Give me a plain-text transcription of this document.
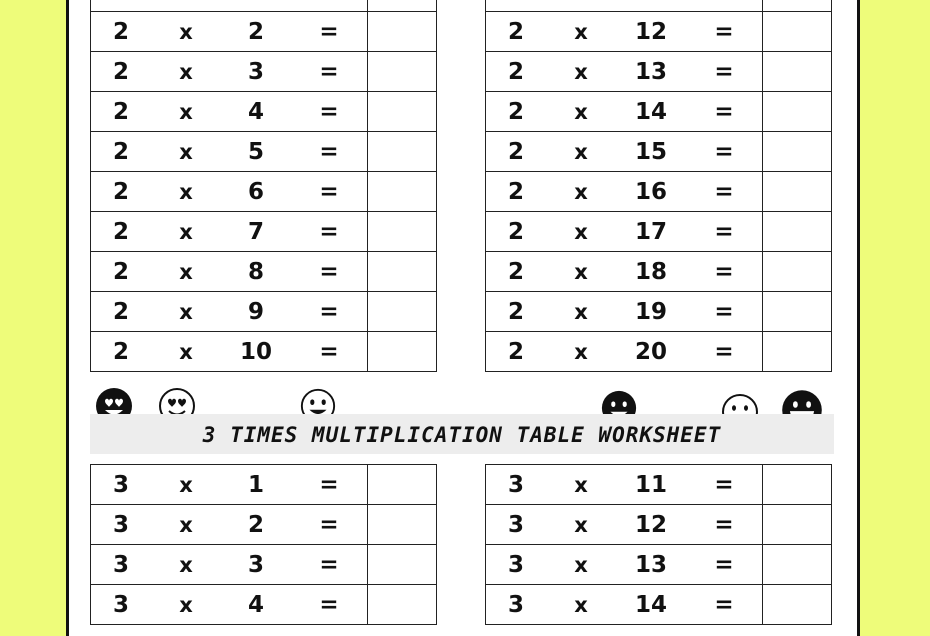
2	x	2	=	
2	x	3	=	
2	x	4	=	
2	x	5	=	
2	x	6	=	
2	x	7	=	
2	x	8	=	
2	x	9	=	
2	x	10	=	

2	x	12	=	
2	x	13	=	
2	x	14	=	
2	x	15	=	
2	x	16	=	
2	x	17	=	
2	x	18	=	
2	x	19	=	
2	x	20	=	
3 TIMES MULTIPLICATION TABLE WORKSHEET
3	x	1	=	
3	x	2	=	
3	x	3	=	
3	x	4	=	
3	x	11	=	
3	x	12	=	
3	x	13	=	
3	x	14	=	
